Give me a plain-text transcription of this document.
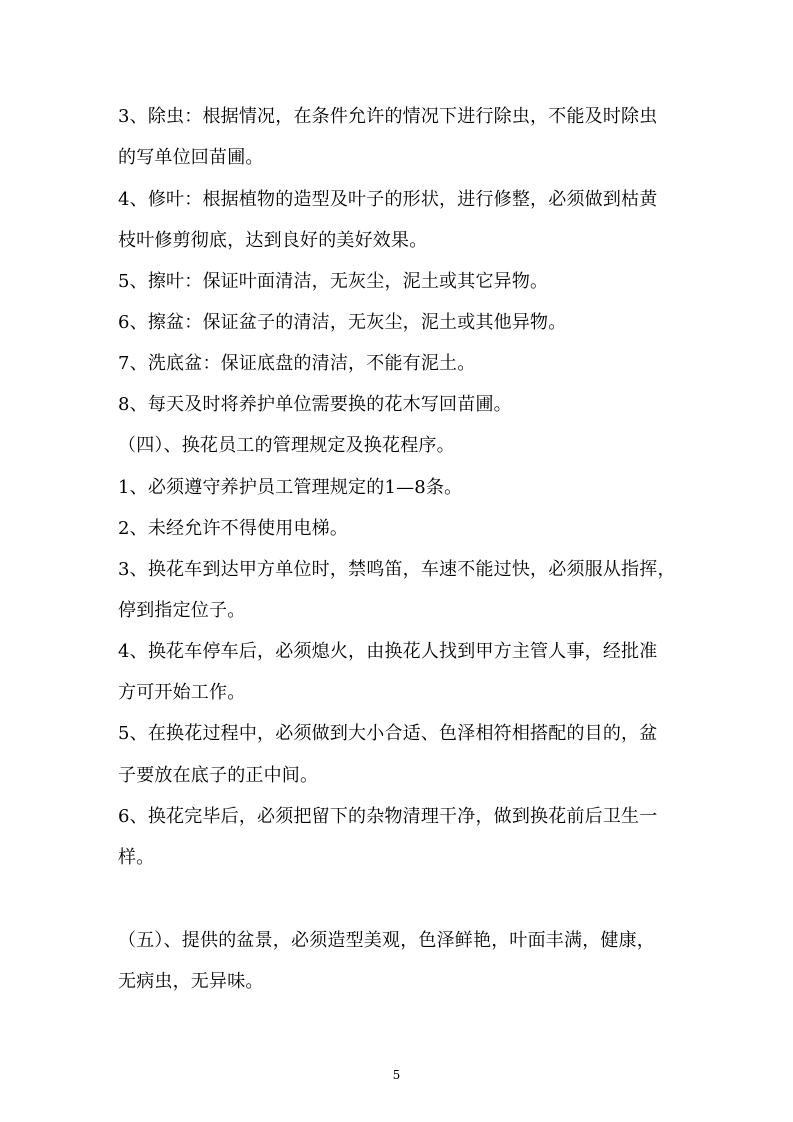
3、除虫：根据情况，在条件允许的情况下进行除虫，不能及时除虫
的写单位回苗圃。
4、修叶：根据植物的造型及叶子的形状，进行修整，必须做到枯黄
枝叶修剪彻底，达到良好的美好效果。
5、擦叶：保证叶面清洁，无灰尘，泥土或其它异物。
6、擦盆：保证盆子的清洁，无灰尘，泥土或其他异物。
7、洗底盆：保证底盘的清洁，不能有泥土。
8、每天及时将养护单位需要换的花木写回苗圃。
（四）、换花员工的管理规定及换花程序。
1、必须遵守养护员工管理规定的1—8条。
2、未经允许不得使用电梯。
3、换花车到达甲方单位时，禁鸣笛，车速不能过快，必须服从指挥，
停到指定位子。
4、换花车停车后，必须熄火，由换花人找到甲方主管人事，经批准
方可开始工作。
5、在换花过程中，必须做到大小合适、色泽相符相搭配的目的，盆
子要放在底子的正中间。
6、换花完毕后，必须把留下的杂物清理干净，做到换花前后卫生一
样。
（五）、提供的盆景，必须造型美观，色泽鲜艳，叶面丰满，健康，
无病虫，无异味。
5
